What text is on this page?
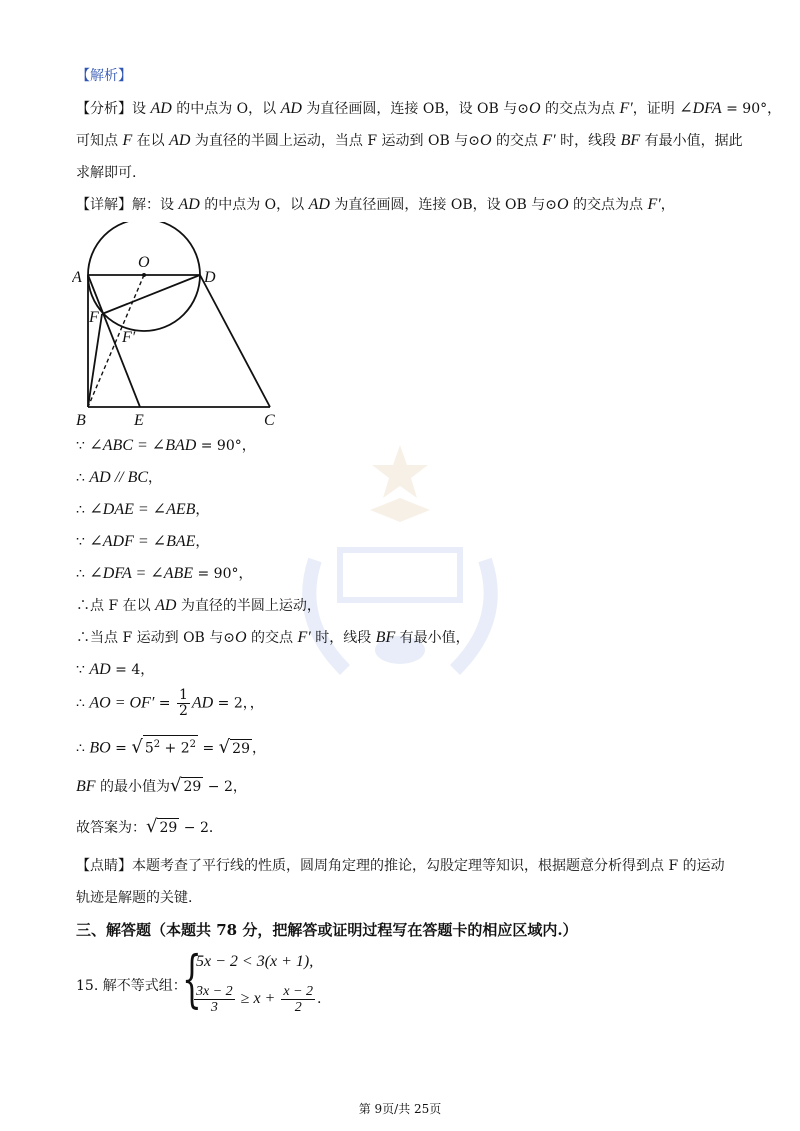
【解析】
【分析】设 AD 的中点为 O，以 AD 为直径画圆，连接 OB，设 OB 与⊙O 的交点为点 F′，证明 ∠DFA = 90°，
可知点 F 在以 AD 为直径的半圆上运动，当点 F 运动到 OB 与⊙O 的交点 F′ 时，线段 BF 有最小值，据此
求解即可.
【详解】解：设 AD 的中点为 O，以 AD 为直径画圆，连接 OB，设 OB 与⊙O 的交点为点 F′，
A
O
D
F
F′
B	E	C
∵ ∠ABC = ∠BAD = 90°，
∴ AD // BC，
∴ ∠DAE = ∠AEB，
∵ ∠ADF = ∠BAE，
∴ ∠DFA = ∠ABE = 90°，
∴点 F 在以 AD 为直径的半圆上运动，
∴当点 F 运动到 OB 与⊙O 的交点 F′ 时，线段 BF 有最小值，
∵ AD = 4，
∴ AO = $OF' = \frac{1}{2}$ AD = 2，，
∴ BO = √ $5^2 + 2^2$ = √ 29 ，
BF 的最小值为√ 29 − 2，
故答案为：√ 29 − 2．
【点睛】本题考查了平行线的性质，圆周角定理的推论，勾股定理等知识，根据题意分析得到点 F 的运动
轨迹是解题的关键.
三、解答题（本题共 78 分，把解答或证明过程写在答题卡的相应区域内.）
15. 解不等式组：
{
5x − 2 < 3(x + 1),
$\frac{3x - 2}{3} \ge x + \frac{x - 2}{2}$ .
第 9页/共 25页
